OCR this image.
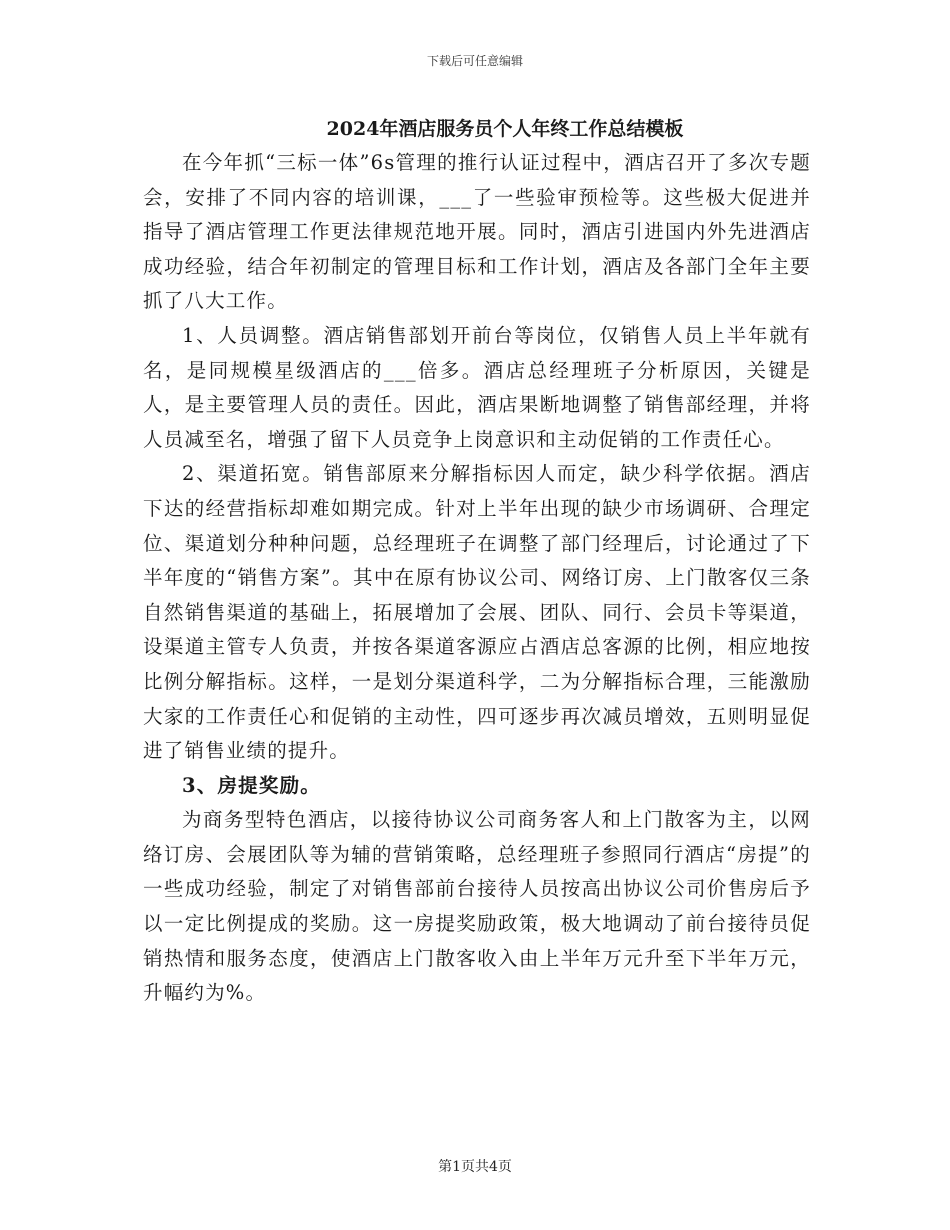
下载后可任意编辑
2024年酒店服务员个人年终工作总结模板

在今年抓“三标一体”6s管理的推行认证过程中，酒店召开了多次专题会，安排了不同内容的培训课，___了一些验审预检等。这些极大促进并指导了酒店管理工作更法律规范地开展。同时，酒店引进国内外先进酒店成功经验，结合年初制定的管理目标和工作计划，酒店及各部门全年主要抓了八大工作。

1、人员调整。酒店销售部划开前台等岗位，仅销售人员上半年就有名，是同规模星级酒店的___倍多。酒店总经理班子分析原因，关键是人，是主要管理人员的责任。因此，酒店果断地调整了销售部经理，并将人员减至名，增强了留下人员竞争上岗意识和主动促销的工作责任心。

2、渠道拓宽。销售部原来分解指标因人而定，缺少科学依据。酒店下达的经营指标却难如期完成。针对上半年出现的缺少市场调研、合理定位、渠道划分种种问题，总经理班子在调整了部门经理后，讨论通过了下半年度的“销售方案”。其中在原有协议公司、网络订房、上门散客仅三条自然销售渠道的基础上，拓展增加了会展、团队、同行、会员卡等渠道，设渠道主管专人负责，并按各渠道客源应占酒店总客源的比例，相应地按比例分解指标。这样，一是划分渠道科学，二为分解指标合理，三能激励大家的工作责任心和促销的主动性，四可逐步再次减员增效，五则明显促进了销售业绩的提升。

3、房提奖励。

为商务型特色酒店，以接待协议公司商务客人和上门散客为主，以网络订房、会展团队等为辅的营销策略，总经理班子参照同行酒店“房提”的一些成功经验，制定了对销售部前台接待人员按高出协议公司价售房后予以一定比例提成的奖励。这一房提奖励政策，极大地调动了前台接待员促销热情和服务态度，使酒店上门散客收入由上半年万元升至下半年万元，升幅约为%。

第1页共4页
